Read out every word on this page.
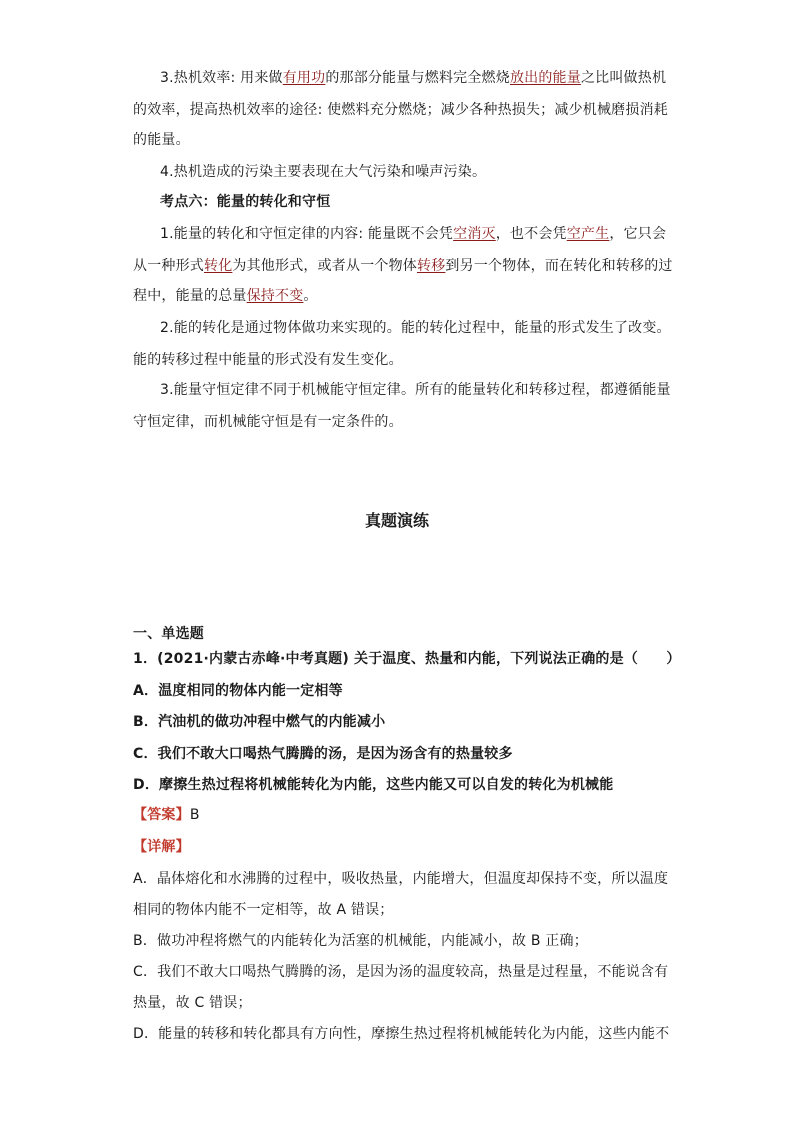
3.热机效率: 用来做有用功的那部分能量与燃料完全燃烧放出的能量之比叫做热机
的效率，提高热机效率的途径: 使燃料充分燃烧；减少各种热损失；减少机械磨损消耗
的能量。
4.热机造成的污染主要表现在大气污染和噪声污染。
考点六：能量的转化和守恒
1.能量的转化和守恒定律的内容: 能量既不会凭空消灭，也不会凭空产生，它只会
从一种形式转化为其他形式，或者从一个物体转移到另一个物体，而在转化和转移的过
程中，能量的总量保持不变。
2.能的转化是通过物体做功来实现的。能的转化过程中，能量的形式发生了改变。
能的转移过程中能量的形式没有发生变化。
3.能量守恒定律不同于机械能守恒定律。所有的能量转化和转移过程，都遵循能量
守恒定律，而机械能守恒是有一定条件的。
真题演练
一、单选题
1．(2021·内蒙古赤峰·中考真题) 关于温度、热量和内能，下列说法正确的是（　　）
A．温度相同的物体内能一定相等
B．汽油机的做功冲程中燃气的内能减小
C．我们不敢大口喝热气腾腾的汤，是因为汤含有的热量较多
D．摩擦生热过程将机械能转化为内能，这些内能又可以自发的转化为机械能
【答案】B
【详解】
A．晶体熔化和水沸腾的过程中，吸收热量，内能增大，但温度却保持不变，所以温度
相同的物体内能不一定相等，故 A 错误；
B．做功冲程将燃气的内能转化为活塞的机械能，内能减小，故 B 正确；
C．我们不敢大口喝热气腾腾的汤，是因为汤的温度较高，热量是过程量，不能说含有
热量，故 C 错误；
D．能量的转移和转化都具有方向性，摩擦生热过程将机械能转化为内能，这些内能不
